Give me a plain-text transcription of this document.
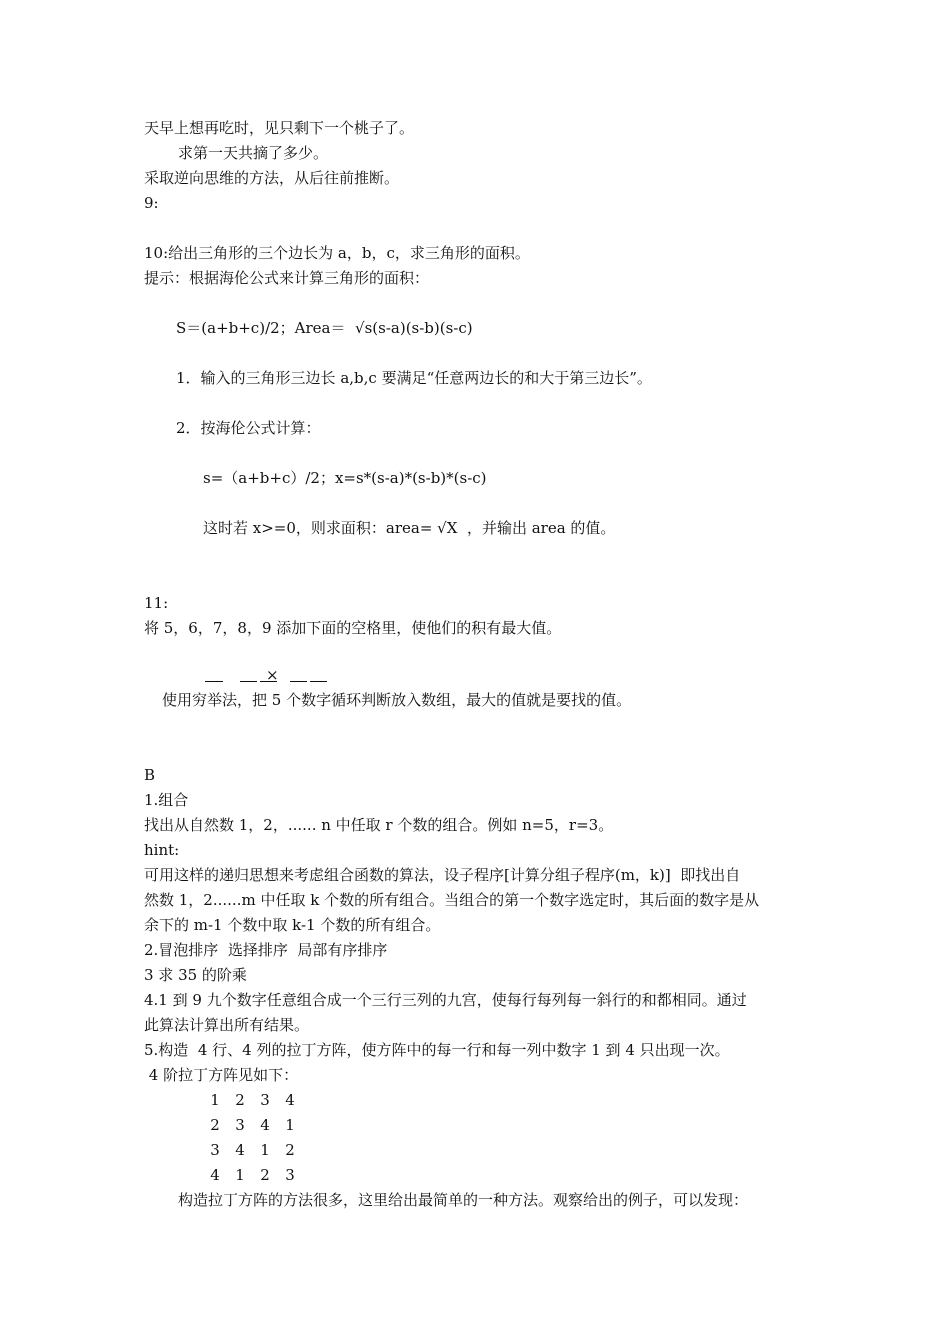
天早上想再吃时，见只剩下一个桃子了。
求第一天共摘了多少。
采取逆向思维的方法，从后往前推断。
9:
10:给出三角形的三个边长为 a，b，c，求三角形的面积。
提示：根据海伦公式来计算三角形的面积：
S＝(a+b+c)/2；Area＝  √s(s-a)(s-b)(s-c)
1．输入的三角形三边长 a,b,c 要满足“任意两边长的和大于第三边长”。
2．按海伦公式计算：
s=（a+b+c）/2；x=s*(s-a)*(s-b)*(s-c)
这时若 x>=0，则求面积：area= √X  ，并输出 area 的值。
11:
将 5，6，7，8，9 添加下面的空格里，使他们的积有最大值。
×
使用穷举法，把 5 个数字循环判断放入数组，最大的值就是要找的值。
B
1.组合
找出从自然数 1，2，...... n 中任取 r 个数的组合。例如 n=5，r=3。
hint:
可用这样的递归思想来考虑组合函数的算法，设子程序[计算分组子程序(m，k)]  即找出自
然数 1，2......m 中任取 k 个数的所有组合。当组合的第一个数字选定时，其后面的数字是从
余下的 m-1 个数中取 k-1 个数的所有组合。
2.冒泡排序  选择排序  局部有序排序
3 求 35 的阶乘
4.1 到 9 九个数字任意组合成一个三行三列的九宫，使每行每列每一斜行的和都相同。通过
此算法计算出所有结果。
5.构造  4 行、4 列的拉丁方阵，使方阵中的每一行和每一列中数字 1 到 4 只出现一次。
4 阶拉丁方阵见如下：
1 2 3 4
2 3 4 1
3 4 1 2
4 1 2 3
构造拉丁方阵的方法很多，这里给出最简单的一种方法。观察给出的例子，可以发现：
